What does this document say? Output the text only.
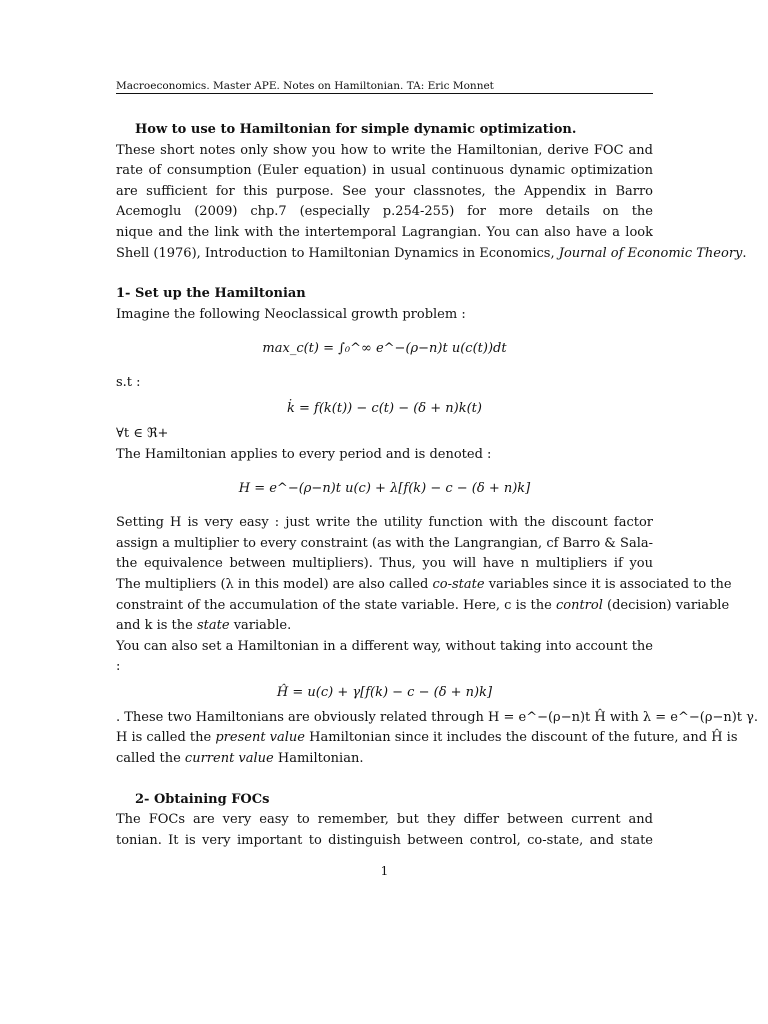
Macroeconomics. Master APE. Notes on Hamiltonian. TA: Eric Monnet
How to use to Hamiltonian for simple dynamic optimization.
These short notes only show you how to write the Hamiltonian, derive FOC and
rate of consumption (Euler equation) in usual continuous dynamic optimization
are sufficient for this purpose. See your classnotes, the Appendix in Barro
Acemoglu (2009) chp.7 (especially p.254-255) for more details on the
nique and the link with the intertemporal Lagrangian. You can also have a look
Shell (1976), Introduction to Hamiltonian Dynamics in Economics, Journal of Economic Theory.
1- Set up the Hamiltonian
Imagine the following Neoclassical growth problem :
max_c(t) = ∫₀^∞ e^−(ρ−n)t u(c(t))dt
s.t :
k̇ = f(k(t)) − c(t) − (δ + n)k(t)
∀t ∈ ℜ+
The Hamiltonian applies to every period and is denoted :
H = e^−(ρ−n)t u(c) + λ[f(k) − c − (δ + n)k]
Setting H is very easy : just write the utility function with the discount factor
assign a multiplier to every constraint (as with the Langrangian, cf Barro & Sala-
the equivalence between multipliers). Thus, you will have n multipliers if you
The multipliers (λ in this model) are also called co-state variables since it is associated to the
constraint of the accumulation of the state variable. Here, c is the control (decision) variable
and k is the state variable.
You can also set a Hamiltonian in a different way, without taking into account the
:
Ĥ = u(c) + γ[f(k) − c − (δ + n)k]
. These two Hamiltonians are obviously related through H = e^−(ρ−n)t Ĥ with λ = e^−(ρ−n)t γ.
H is called the present value Hamiltonian since it includes the discount of the future, and Ĥ is
called the current value Hamiltonian.
2- Obtaining FOCs
The FOCs are very easy to remember, but they differ between current and
tonian. It is very important to distinguish between control, co-state, and state
1
